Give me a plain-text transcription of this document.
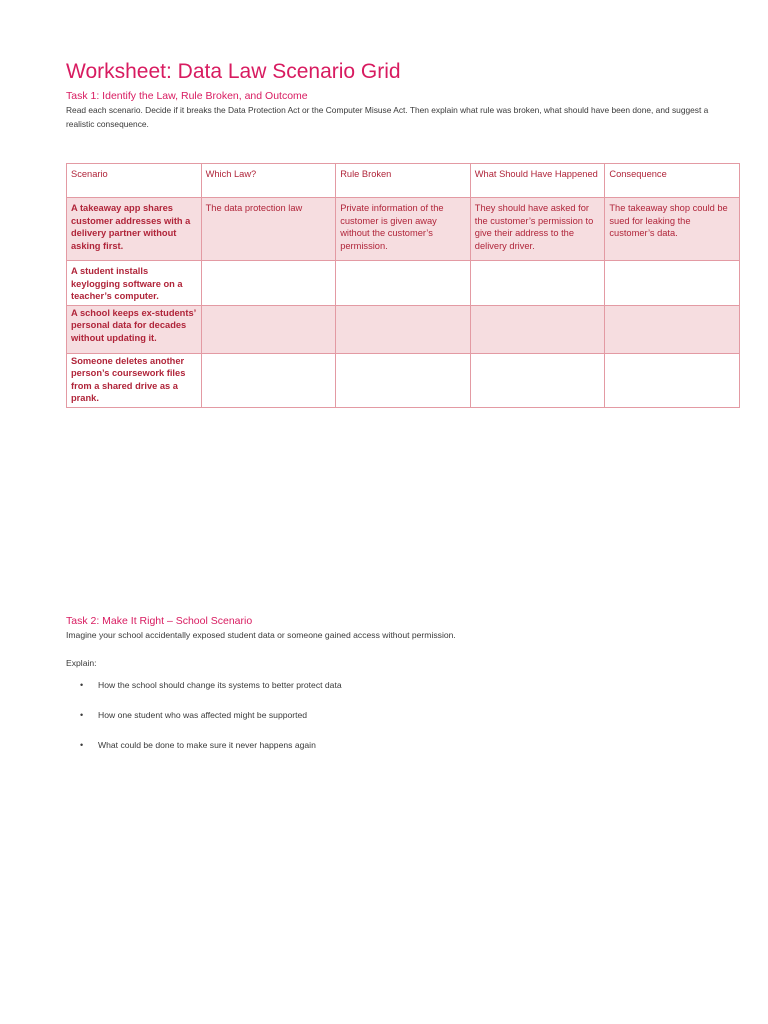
Worksheet: Data Law Scenario Grid
Task 1: Identify the Law, Rule Broken, and Outcome

Read each scenario. Decide if it breaks the Data Protection Act or the Computer Misuse Act. Then explain what rule was broken, what should have been done, and suggest a realistic consequence.

Scenario	Which Law?	Rule Broken	What Should Have Happened	Consequence
A takeaway app shares customer addresses with a delivery partner without asking first.	The data protection law	Private information of the customer is given away without the customer’s permission.	They should have asked for the customer’s permission to give their address to the delivery driver.	The takeaway shop could be sued for leaking the customer’s data.
A student installs keylogging software on a teacher’s computer.				
A school keeps ex-students’ personal data for decades without updating it.				
Someone deletes another person’s coursework files from a shared drive as a prank.				
Task 2: Make It Right – School Scenario

Imagine your school accidentally exposed student data or someone gained access without permission.

Explain:

• How the school should change its systems to better protect data
• How one student who was affected might be supported
• What could be done to make sure it never happens again
